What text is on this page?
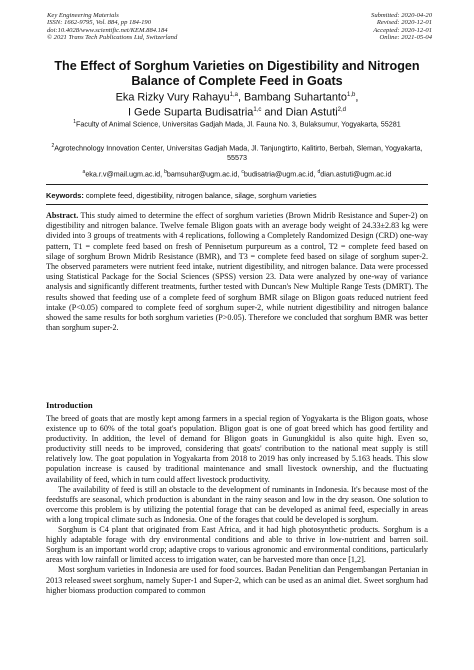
Key Engineering Materials
ISSN: 1662-9795, Vol. 884, pp 184-190
doi:10.4028/www.scientific.net/KEM.884.184
© 2021 Trans Tech Publications Ltd, Switzerland
Submitted: 2020-04-20
Revised: 2020-12-01
Accepted: 2020-12-01
Online: 2021-05-04
The Effect of Sorghum Varieties on Digestibility and Nitrogen Balance of Complete Feed in Goats
Eka Rizky Vury Rahayu$^{1,a}$, Bambang Suhartanto$^{1,b}$,
I Gede Suparta Budisatria$^{1,c}$ and Dian Astuti$^{2,d}$
$^1$Faculty of Animal Science, Universitas Gadjah Mada, Jl. Fauna No. 3, Bulaksumur, Yogyakarta, 55281
$^2$Agrotechnology Innovation Center, Universitas Gadjah Mada, Jl. Tanjungtirto, Kalitirto, Berbah, Sleman, Yogyakarta, 55573
$^a$eka.r.v@mail.ugm.ac.id, $^b$bamsuhar@ugm.ac.id, $^c$budisatria@ugm.ac.id, $^d$dian.astuti@ugm.ac.id
Keywords: complete feed, digestibility, nitrogen balance, silage, sorghum varieties
Abstract. This study aimed to determine the effect of sorghum varieties (Brown Midrib Resistance and Super-2) on digestibility and nitrogen balance. Twelve female Bligon goats with an average body weight of 24.33±2.83 kg were divided into 3 groups of treatments with 4 replications, following a Completely Randomized Design (CRD) one-way pattern, T1 = complete feed based on fresh of Pennisetum purpureum as a control, T2 = complete feed based on silage of sorghum Brown Midrib Resistance (BMR), and T3 = complete feed based on silage of sorghum super-2. The observed parameters were nutrient feed intake, nutrient digestibility, and nitrogen balance. Data were processed using Statistical Package for the Social Sciences (SPSS) version 23. Data were analyzed by one-way of variance analysis and significantly different treatments, further tested with Duncan's New Multiple Range Tests (DMRT). The results showed that feeding use of a complete feed of sorghum BMR silage on Bligon goats reduced nutrient feed intake (P<0.05) compared to complete feed of sorghum super-2, while nutrient digestibility and nitrogen balance showed the same results for both sorghum varieties (P>0.05). Therefore we concluded that sorghum BMR was better than sorghum super-2.
Introduction

The breed of goats that are mostly kept among farmers in a special region of Yogyakarta is the Bligon goats, whose existence up to 60% of the total goat's population. Bligon goat is one of goat breed which has good fertility and productivity. In addition, the level of demand for Bligon goats in Gunungkidul is also quite high. Even so, productivity still needs to be improved, considering that goats' contribution to the national meat supply is still relatively low. The goat population in Yogyakarta from 2018 to 2019 has only increased by 5.163 heads. This slow population increase is caused by traditional maintenance and small livestock ownership, and the fluctuating availability of feed, which in turn could affect livestock productivity.

The availability of feed is still an obstacle to the development of ruminants in Indonesia. It's because most of the feedstuffs are seasonal, which production is abundant in the rainy season and low in the dry season. One solution to overcome this problem is by utilizing the potential forage that can be developed as animal feed, especially in areas with a long tropical climate such as Indonesia. One of the forages that could be developed is sorghum.

Sorghum is C4 plant that originated from East Africa, and it had high photosynthetic products. Sorghum is a highly adaptable forage with dry environmental conditions and able to thrive in low-nutrient and barren soil. Sorghum is an important world crop; adaptive crops to various agronomic and environmental conditions, particularly areas with low rainfall or limited access to irrigation water, can be harvested more than once [1,2].

Most sorghum varieties in Indonesia are used for food sources. Badan Penelitian dan Pengembangan Pertanian in 2013 released sweet sorghum, namely Super-1 and Super-2, which can be used as an animal diet. Sweet sorghum had higher biomass production compared to common
